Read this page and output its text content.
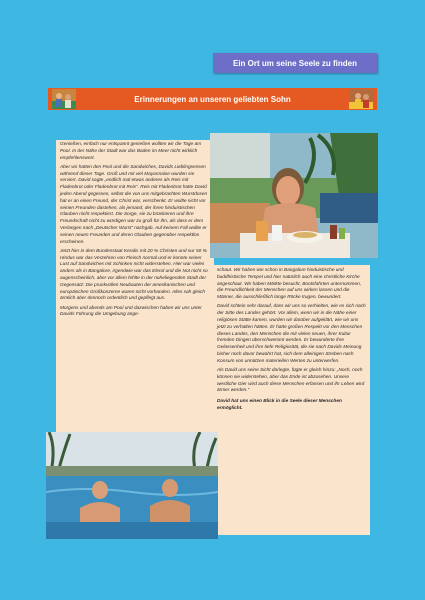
Ein Ort um seine Seele zu finden
Erinnerungen an unseren geliebten Sohn

Genießen, einfach nur entspannt genießen wollten wir die Tage am Pool. In der Nähe der Stadt war das Baden im Meer nicht wirklich empfehlenswert.

Aber wir hatten den Pool und die Sandwiches, Davids Lieblingsessen während dieser Tage. Groß und mit viel Mayonnaise wurden sie serviert. David sagte „endlich mal etwas anderes als Reis mit Fladenbrot oder Fladenbrot mit Reis“. Reis mit Fladenbrot hatte David jeden Abend gegessen, selbst die von uns mitgebrachten Wurstdosen hat er an einen Freund, der Christ war, verschenkt. Er wollte nicht vor seinen Freunden dastehen, als jemand, der ihren hinduistischen Glauben nicht respektiert. Die Sorge, sie zu brüskieren und ihre Freundschaft nicht zu würdigen war zu groß für ihn, als dass er dem Verlangen nach „Deutscher Wurst“ nachgab. Auf keinem Fall wollte er seinen neuen Freunden und deren Glauben gegenüber respektlos erscheinen.

Jetzt hier in dem Bundesstaat Keralis mit 20 % Christen und nur 50 % Hindus war das Verzehren von Fleisch normal und er konnte seiner Lust auf Sandwiches mit Schinken nicht widerstehen. Hier war vieles anders als in Bangalore, irgendwie war das Elend und die Not nicht so augenscheinlich, aber vor allem fehlte in der noheliegenden Stadt der Gegensatz: Die prunkvollen Neubauten der amerikanischen und europäischen Großkonzerne waren nicht vorhanden. Alles sah gleich ärmlich aber dennoch ordentlich und gepflegt aus.

Morgens und abends am Pool und dazwischen haben wir uns unter Davids Führung die Umgebung ange-

schaut. Wir haben wie schon in Bangalore hinduistische und buddhistische Tempel und hier natürlich auch eine christliche Kirche angeschaut. Wir haben Märkte besucht, Bootsfahrten unternommen, die Freundlichkeit der Menschen auf uns wirken lassen und die Männer, die ausschließlich lange Röcke trugen, bewundert.

David schtein sehr darauf, dass wir uns so verhielten, wie es sich nach der Sitte des Landes gehört. Vor allem, wenn wir in die Nähe einer religiösen Stätte kamen, wurden wir darüber aufgeklärt, wie wir uns jetzt zu verhalten hätten. Er hatte großen Respekt vor den Menschen dieses Landes, den Menschen die mit vielen neuen, ihrer Kultur fremden Dingen überschwemmt werden. Er bewunderte ihre Gelassenheit und ihre tiefe Religiosität, die sie nach Davids Meinung bisher noch davor bewahrt hat, sich dem alleinigen Streben nach Konsum von unnützen materiellen Werten zu unterwerfen.

Als David uns seine Sicht darlegte, fügte er gleich hinzu: „Noch, noch können sie widerstehen, aber das Ende ist abzusehen. Unsere westliche Gier wird auch diese Menschen erfassen und ihr Leben wird ärmer werden.“

David hat uns einen Blick in die Seele dieser Menschen ermöglicht.
